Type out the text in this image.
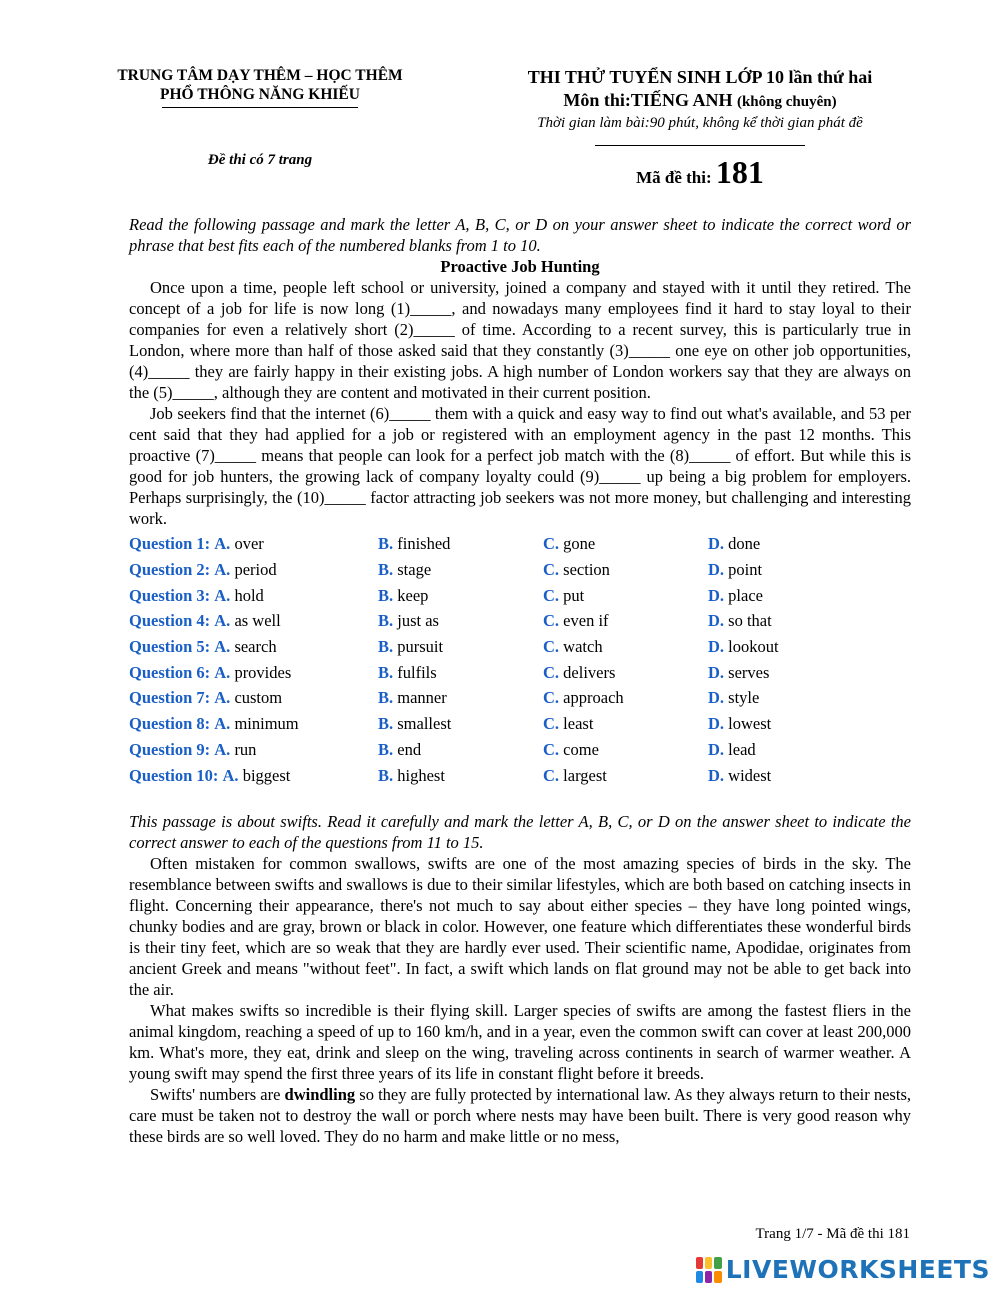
TRUNG TÂM DẠY THÊM – HỌC THÊM
PHỔ THÔNG NĂNG KHIẾU
Đề thi có 7 trang
THI THỬ TUYỂN SINH LỚP 10 lần thứ hai
Môn thi:TIẾNG ANH (không chuyên)
Thời gian làm bài:90 phút, không kể thời gian phát đề
Mã đề thi: 181

Read the following passage and mark the letter A, B, C, or D on your answer sheet to indicate the correct word or phrase that best fits each of the numbered blanks from 1 to 10.

Proactive Job Hunting

Once upon a time, people left school or university, joined a company and stayed with it until they retired. The concept of a job for life is now long (1)_____, and nowadays many employees find it hard to stay loyal to their companies for even a relatively short (2)_____ of time. According to a recent survey, this is particularly true in London, where more than half of those asked said that they constantly (3)_____ one eye on other job opportunities, (4)_____ they are fairly happy in their existing jobs. A high number of London workers say that they are always on the (5)_____, although they are content and motivated in their current position.

Job seekers find that the internet (6)_____ them with a quick and easy way to find out what's available, and 53 per cent said that they had applied for a job or registered with an employment agency in the past 12 months. This proactive (7)_____ means that people can look for a perfect job match with the (8)_____ of effort. But while this is good for job hunters, the growing lack of company loyalty could (9)_____ up being a big problem for employers. Perhaps surprisingly, the (10)_____ factor attracting job seekers was not more money, but challenging and interesting work.

Question 1: A. over	B. finished	C. gone	D. done
Question 2: A. period	B. stage	C. section	D. point
Question 3: A. hold	B. keep	C. put	D. place
Question 4: A. as well	B. just as	C. even if	D. so that
Question 5: A. search	B. pursuit	C. watch	D. lookout
Question 6: A. provides	B. fulfils	C. delivers	D. serves
Question 7: A. custom	B. manner	C. approach	D. style
Question 8: A. minimum	B. smallest	C. least	D. lowest
Question 9: A. run	B. end	C. come	D. lead
Question 10: A. biggest	B. highest	C. largest	D. widest

This passage is about swifts. Read it carefully and mark the letter A, B, C, or D on the answer sheet to indicate the correct answer to each of the questions from 11 to 15.

Often mistaken for common swallows, swifts are one of the most amazing species of birds in the sky. The resemblance between swifts and swallows is due to their similar lifestyles, which are both based on catching insects in flight. Concerning their appearance, there's not much to say about either species – they have long pointed wings, chunky bodies and are gray, brown or black in color. However, one feature which differentiates these wonderful birds is their tiny feet, which are so weak that they are hardly ever used. Their scientific name, Apodidae, originates from ancient Greek and means "without feet". In fact, a swift which lands on flat ground may not be able to get back into the air.

What makes swifts so incredible is their flying skill. Larger species of swifts are among the fastest fliers in the animal kingdom, reaching a speed of up to 160 km/h, and in a year, even the common swift can cover at least 200,000 km. What's more, they eat, drink and sleep on the wing, traveling across continents in search of warmer weather. A young swift may spend the first three years of its life in constant flight before it breeds.

Swifts' numbers are dwindling so they are fully protected by international law. As they always return to their nests, care must be taken not to destroy the wall or porch where nests may have been built. There is very good reason why these birds are so well loved. They do no harm and make little or no mess,

Trang 1/7 - Mã đề thi 181
LIVEWORKSHEETS
